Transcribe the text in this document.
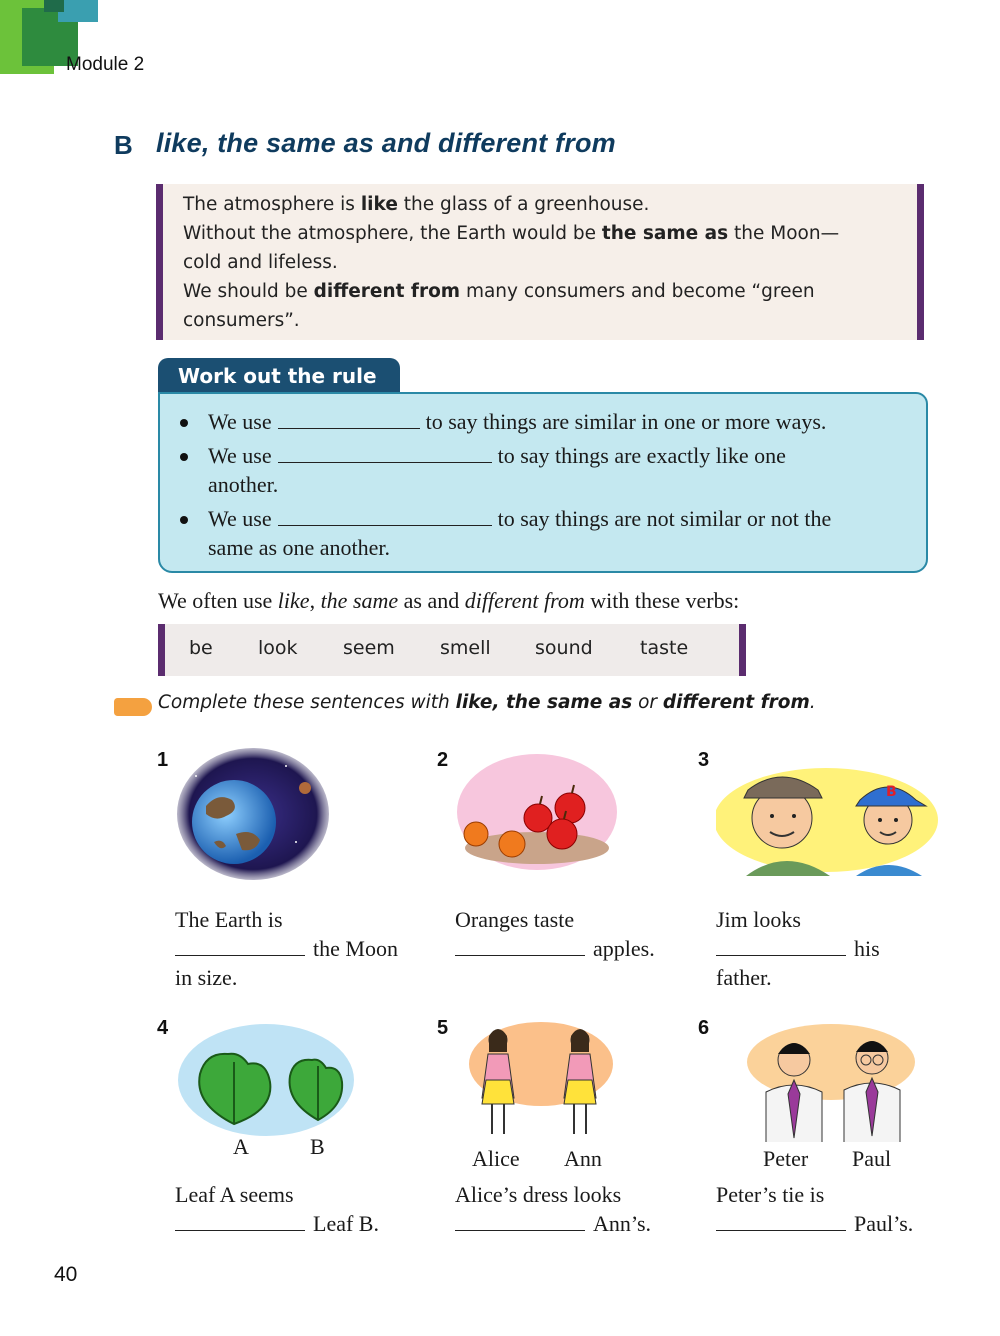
Module 2
B like, the same as and different from
The atmosphere is like the glass of a greenhouse.
Without the atmosphere, the Earth would be the same as the Moon—
cold and lifeless.
We should be different from many consumers and become “green
consumers”.
Work out the rule
We use	to say things are similar in one or more ways.
We use	to say things are exactly like one
another.
We use	to say things are not similar or not the
same as one another.
We often use like, the same as and different from with these verbs:
be look seem smell sound taste
Complete these sentences with like, the same as or different from.
1
The Earth is
the Moon
in size.
2
Oranges taste
apples.
3
B
Jim looks
his
father.
4
A	B
Leaf A seems
Leaf B.
5
Alice Ann
Alice’s dress looks
Ann’s.
6
Peter Paul
Peter’s tie is
Paul’s.
40
